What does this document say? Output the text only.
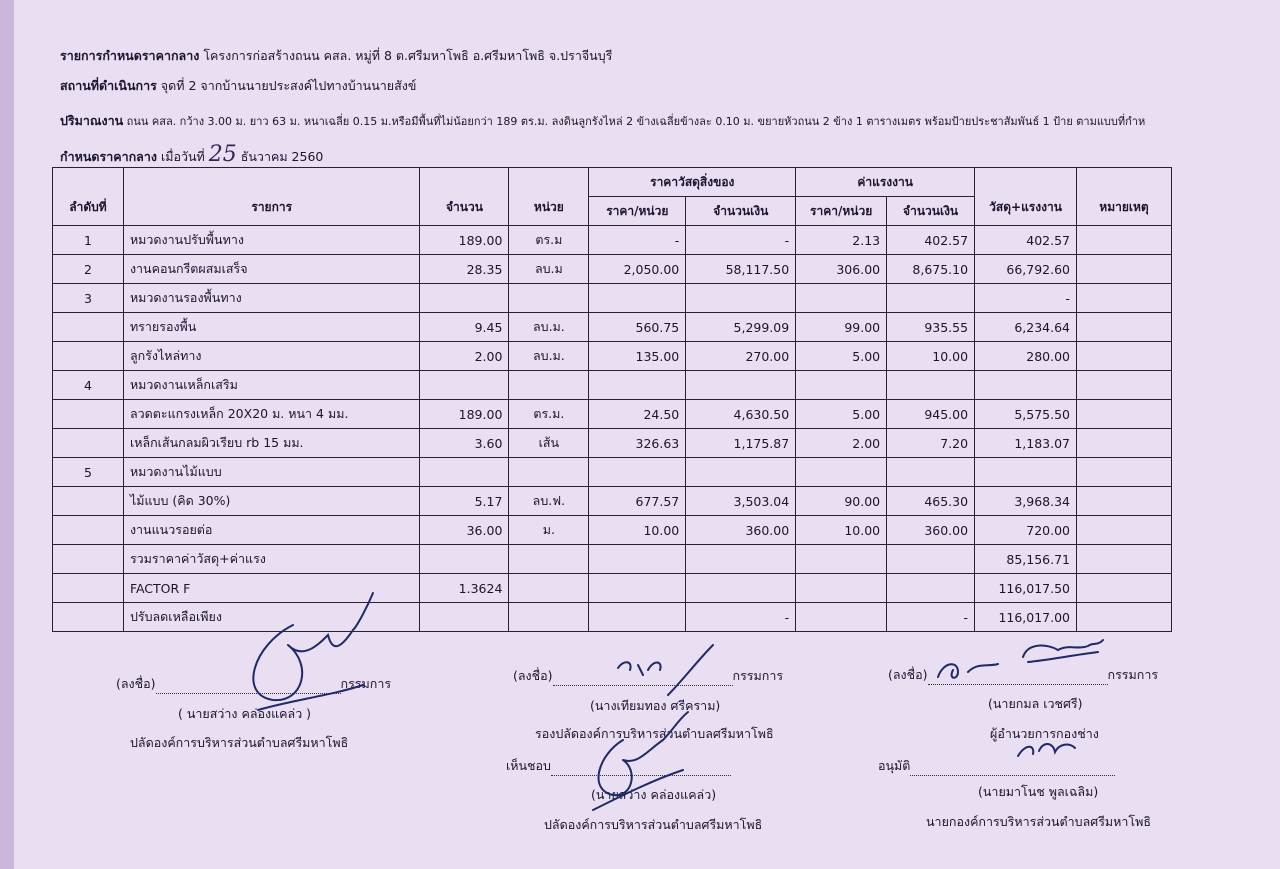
รายการกำหนดราคากลาง โครงการก่อสร้างถนน คสล. หมู่ที่ 8 ต.ศรีมหาโพธิ อ.ศรีมหาโพธิ จ.ปราจีนบุรี
สถานที่ดำเนินการ จุดที่ 2 จากบ้านนายประสงค์ไปทางบ้านนายสังข์
ปริมาณงาน ถนน คสล. กว้าง 3.00 ม. ยาว 63 ม. หนาเฉลี่ย 0.15 ม.หรือมีพื้นที่ไม่น้อยกว่า 189 ตร.ม. ลงดินลูกรังไหล่ 2 ข้างเฉลี่ยข้างละ 0.10 ม. ขยายหัวถนน 2 ข้าง 1 ตารางเมตร พร้อมป้ายประชาสัมพันธ์ 1 ป้าย ตามแบบที่กำห
กำหนดราคากลาง เมื่อวันที่ 25 ธันวาคม 2560
ลำดับที่	รายการ	จำนวน	หน่วย	ราคาวัสดุสิ่งของ		ค่าแรงงาน		วัสดุ+แรงงาน	หมายเหตุ
				ราคา/หน่วย	จำนวนเงิน	ราคา/หน่วย	จำนวนเงิน		
1	หมวดงานปรับพื้นทาง	189.00	ตร.ม	-	-	2.13	402.57	402.57	
2	งานคอนกรีตผสมเสร็จ	28.35	ลบ.ม	2,050.00	58,117.50	306.00	8,675.10	66,792.60	
3	หมวดงานรองพื้นทาง							-	
	ทรายรองพื้น	9.45	ลบ.ม.	560.75	5,299.09	99.00	935.55	6,234.64	
	ลูกรังไหล่ทาง	2.00	ลบ.ม.	135.00	270.00	5.00	10.00	280.00	
4	หมวดงานเหล็กเสริม								
	ลวดตะแกรงเหล็ก 20X20 ม. หนา 4 มม.	189.00	ตร.ม.	24.50	4,630.50	5.00	945.00	5,575.50	
	เหล็กเส้นกลมผิวเรียบ rb 15 มม.	3.60	เส้น	326.63	1,175.87	2.00	7.20	1,183.07	
5	หมวดงานไม้แบบ								
	ไม้แบบ (คิด 30%)	5.17	ลบ.ฟ.	677.57	3,503.04	90.00	465.30	3,968.34	
	งานแนวรอยต่อ	36.00	ม.	10.00	360.00	10.00	360.00	720.00	
	รวมราคาค่าวัสดุ+ค่าแรง							85,156.71	
	FACTOR F	1.3624						116,017.50	
	ปรับลดเหลือเพียง				-		-	116,017.00	
(ลงชื่อ)	กรรมการ
( นายสว่าง คล่องแคล่ว )
ปลัดองค์การบริหารส่วนตำบลศรีมหาโพธิ
(ลงชื่อ)	กรรมการ
(นางเทียมทอง ศรีคราม)
รองปลัดองค์การบริหารส่วนตำบลศรีมหาโพธิ
(ลงชื่อ)	กรรมการ
(นายกมล เวชศรี)
ผู้อำนวยการกองช่าง
เห็นชอบ
(นายสว่าง คล่องแคล่ว)
ปลัดองค์การบริหารส่วนตำบลศรีมหาโพธิ
อนุมัติ
(นายมาโนช พูลเฉลิม)
นายกองค์การบริหารส่วนตำบลศรีมหาโพธิ
